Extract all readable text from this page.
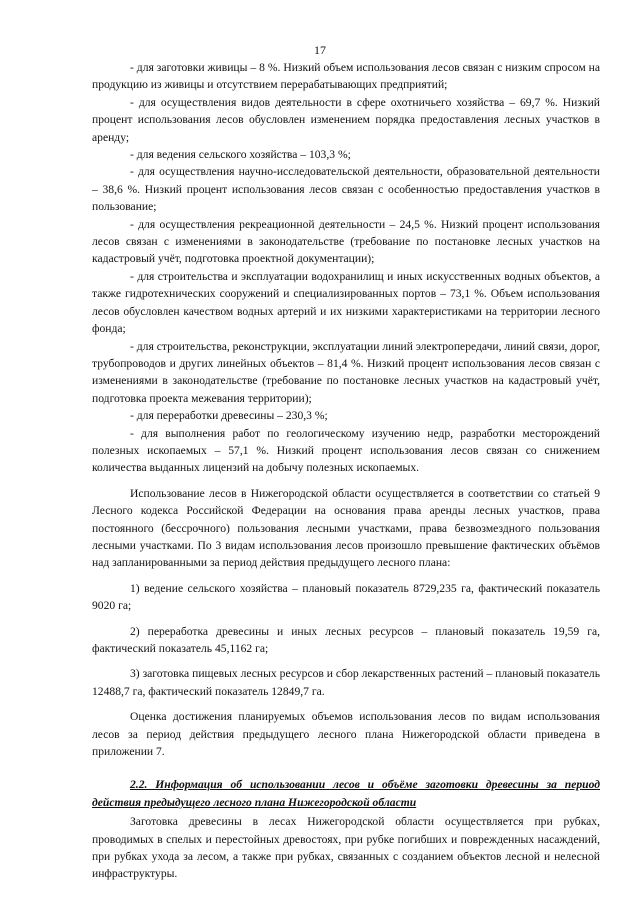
17

- для заготовки живицы – 8 %. Низкий объем использования лесов связан с низким спросом на продукцию из живицы и отсутствием перерабатывающих предприятий;

- для осуществления видов деятельности в сфере охотничьего хозяйства – 69,7 %. Низкий процент использования лесов обусловлен изменением порядка предоставления лесных участков в аренду;

- для ведения сельского хозяйства – 103,3 %;

- для осуществления научно-исследовательской деятельности, образовательной деятельности – 38,6 %. Низкий процент использования лесов связан с особенностью предоставления участков в пользование;

- для осуществления рекреационной деятельности – 24,5 %. Низкий процент использования лесов связан с изменениями в законодательстве (требование по постановке лесных участков на кадастровый учёт, подготовка проектной документации);

- для строительства и эксплуатации водохранилищ и иных искусственных водных объектов, а также гидротехнических сооружений и специализированных портов – 73,1 %. Объем использования лесов обусловлен качеством водных артерий и их низкими характеристиками на территории лесного фонда;

- для строительства, реконструкции, эксплуатации линий электропередачи, линий связи, дорог, трубопроводов и других линейных объектов – 81,4 %. Низкий процент использования лесов связан с изменениями в законодательстве (требование по постановке лесных участков на кадастровый учёт, подготовка проекта межевания территории);

- для переработки древесины – 230,3 %;

- для выполнения работ по геологическому изучению недр, разработки месторождений полезных ископаемых – 57,1 %. Низкий процент использования лесов связан со снижением количества выданных лицензий на добычу полезных ископаемых.

Использование лесов в Нижегородской области осуществляется в соответствии со статьей 9 Лесного кодекса Российской Федерации на основания права аренды лесных участков, права постоянного (бессрочного) пользования лесными участками, права безвозмездного пользования лесными участками. По 3 видам использования лесов произошло превышение фактических объёмов над запланированными за период действия предыдущего лесного плана:

1) ведение сельского хозяйства – плановый показатель 8729,235 га, фактический показатель 9020 га;

2) переработка древесины и иных лесных ресурсов – плановый показатель 19,59 га, фактический показатель 45,1162 га;

3) заготовка пищевых лесных ресурсов и сбор лекарственных растений – плановый показатель 12488,7 га, фактический показатель 12849,7 га.

Оценка достижения планируемых объемов использования лесов по видам использования лесов за период действия предыдущего лесного плана Нижегородской области приведена в приложении 7.

2.2. Информация об использовании лесов и объёме заготовки древесины за период действия предыдущего лесного плана Нижегородской области

Заготовка древесины в лесах Нижегородской области осуществляется при рубках, проводимых в спелых и перестойных древостоях, при рубке погибших и поврежденных насаждений, при рубках ухода за лесом, а также при рубках, связанных с созданием объектов лесной и нелесной инфраструктуры.
